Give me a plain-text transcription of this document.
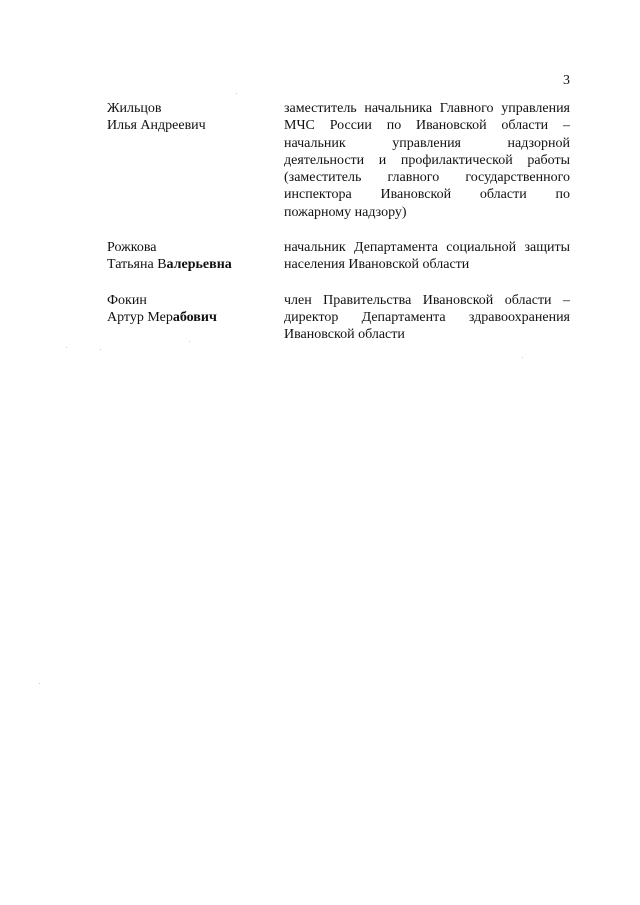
3
Жильцов
Илья Андреевич
заместитель начальника Главного управления
МЧС России по Ивановской области –
начальник управления надзорной
деятельности и профилактической работы
(заместитель главного государственного
инспектора Ивановской области по
пожарному надзору)
Рожкова
Татьяна Валерьевна
начальник Департамента социальной защиты
населения Ивановской области
Фокин
Артур Мерабович
член Правительства Ивановской области –
директор Департамента здравоохранения
Ивановской области
